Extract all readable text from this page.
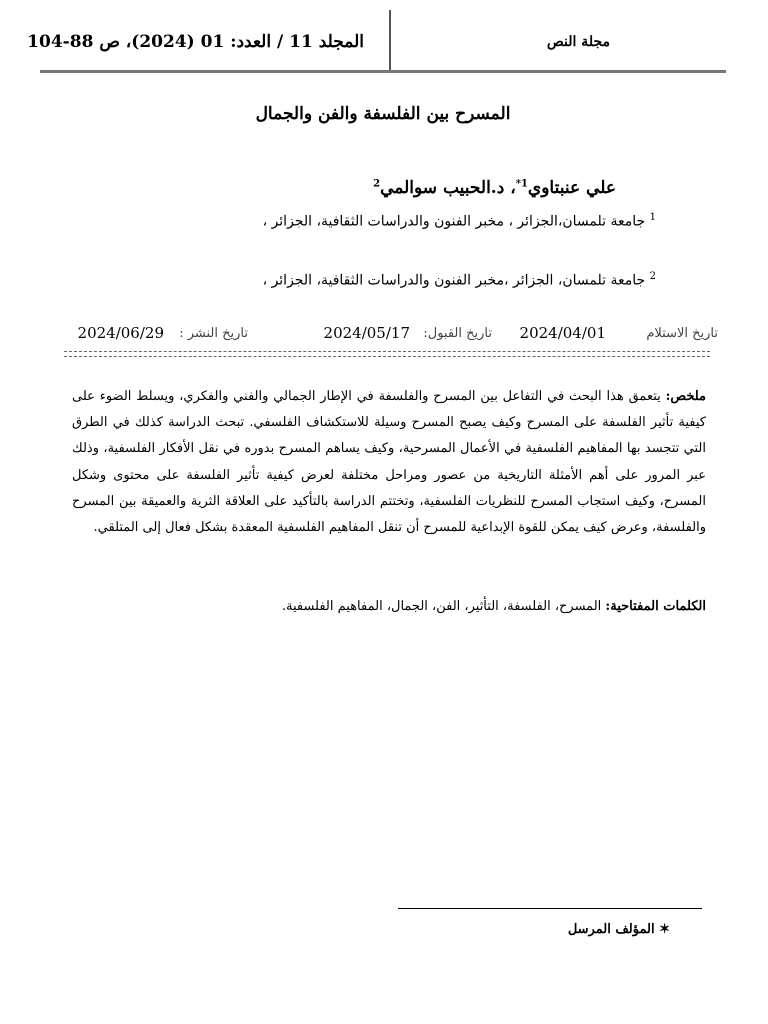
مجلة النص
المجلد 11 / العدد: 01 (2024)، ص 88-104
المسرح بين الفلسفة والفن والجمال
علي عنبتاوي$^{1*}$، د.الحبيب سوالمي$^2$
$^1$ جامعة تلمسان،الجزائر ، مخبر الفنون والدراسات الثقافية، الجزائر ،
$^2$ جامعة تلمسان، الجزائر ،مخبر الفنون والدراسات الثقافية، الجزائر ،
تاريخ الاستلام
2024/04/01
تاريخ القبول:
2024/05/17
تاريخ النشر :
2024/06/29
ملخص: يتعمق هذا البحث في التفاعل بين المسرح والفلسفة في الإطار الجمالي والفني والفكري، ويسلط الضوء على كيفية تأثير الفلسفة على المسرح وكيف يصبح المسرح وسيلة للاستكشاف الفلسفي. تبحث الدراسة كذلك في الطرق التي تتجسد بها المفاهيم الفلسفية في الأعمال المسرحية، وكيف يساهم المسرح بدوره في نقل الأفكار الفلسفية، وذلك عبر المرور على أهم الأمثلة التاريخية من عصور ومراحل مختلفة لعرض كيفية تأثير الفلسفة على محتوى وشكل المسرح، وكيف استجاب المسرح للنظريات الفلسفية، وتختتم الدراسة بالتأكيد على العلاقة الثرية والعميقة بين المسرح والفلسفة، وعرض كيف يمكن للقوة الإبداعية للمسرح أن تنقل المفاهيم الفلسفية المعقدة بشكل فعال إلى المتلقي.
الكلمات المفتاحية: المسرح، الفلسفة، التأثير، الفن، الجمال، المفاهيم الفلسفية.
✶ المؤلف المرسل
